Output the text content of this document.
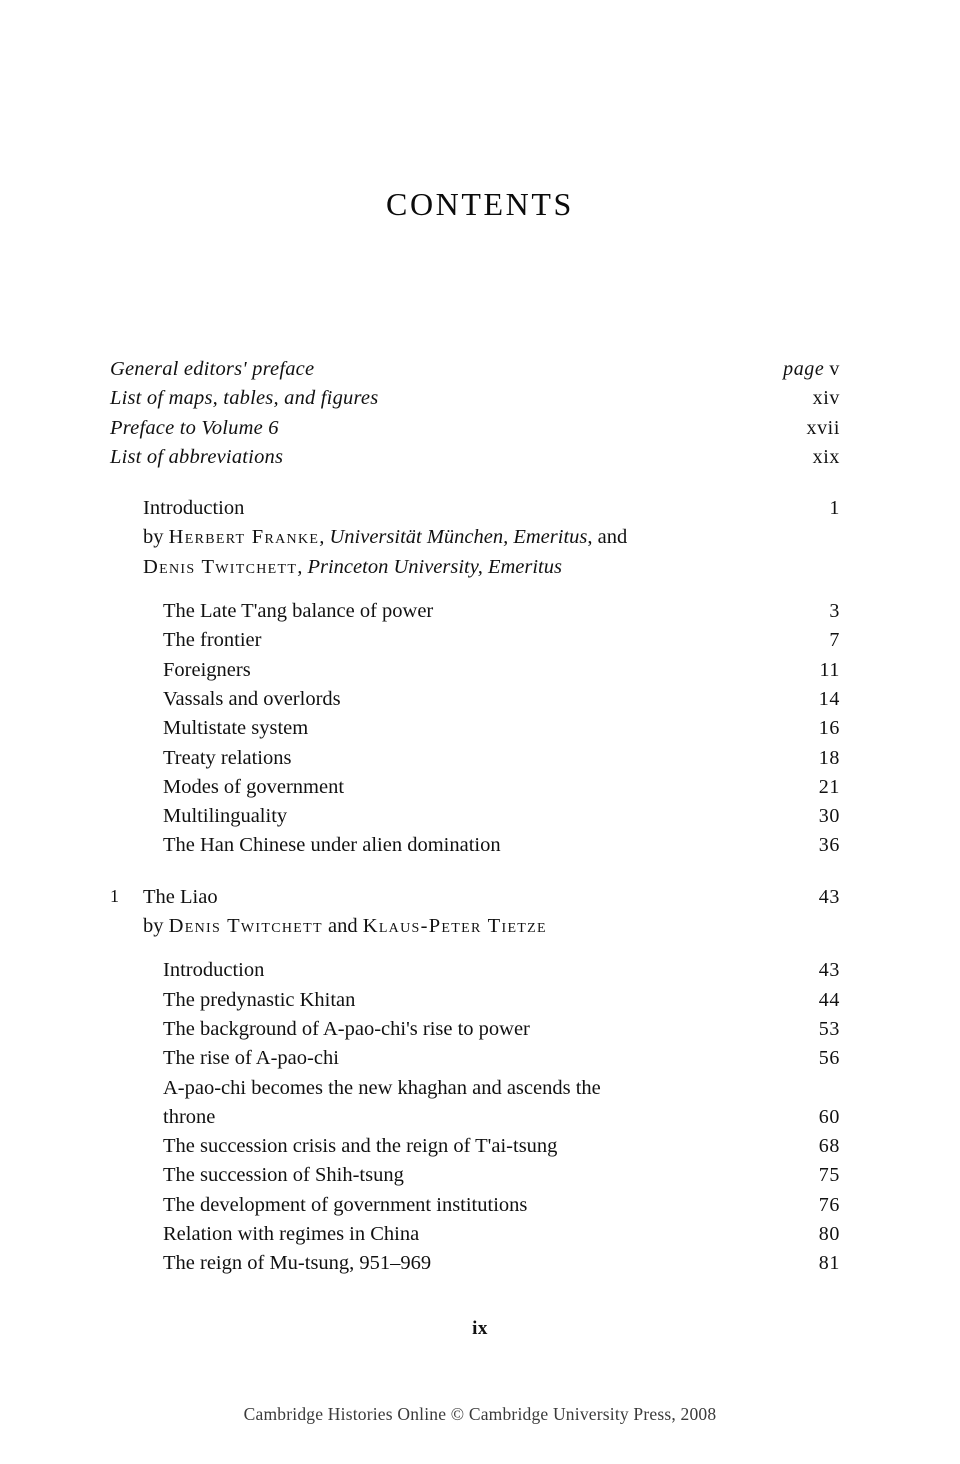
CONTENTS
General editors' preface	page v
List of maps, tables, and figures	xiv
Preface to Volume 6	xvii
List of abbreviations	xix
Introduction	1
by Herbert Franke, Universität München, Emeritus, and
Denis Twitchett, Princeton University, Emeritus
The Late T'ang balance of power	3
The frontier	7
Foreigners	11
Vassals and overlords	14
Multistate system	16
Treaty relations	18
Modes of government	21
Multilinguality	30
The Han Chinese under alien domination	36
1 The Liao	43
by Denis Twitchett and Klaus-Peter Tietze
Introduction	43
The predynastic Khitan	44
The background of A-pao-chi's rise to power	53
The rise of A-pao-chi	56
A-pao-chi becomes the new khaghan and ascends the
throne	60
The succession crisis and the reign of T'ai-tsung	68
The succession of Shih-tsung	75
The development of government institutions	76
Relation with regimes in China	80
The reign of Mu-tsung, 951–969	81
ix
Cambridge Histories Online © Cambridge University Press, 2008
